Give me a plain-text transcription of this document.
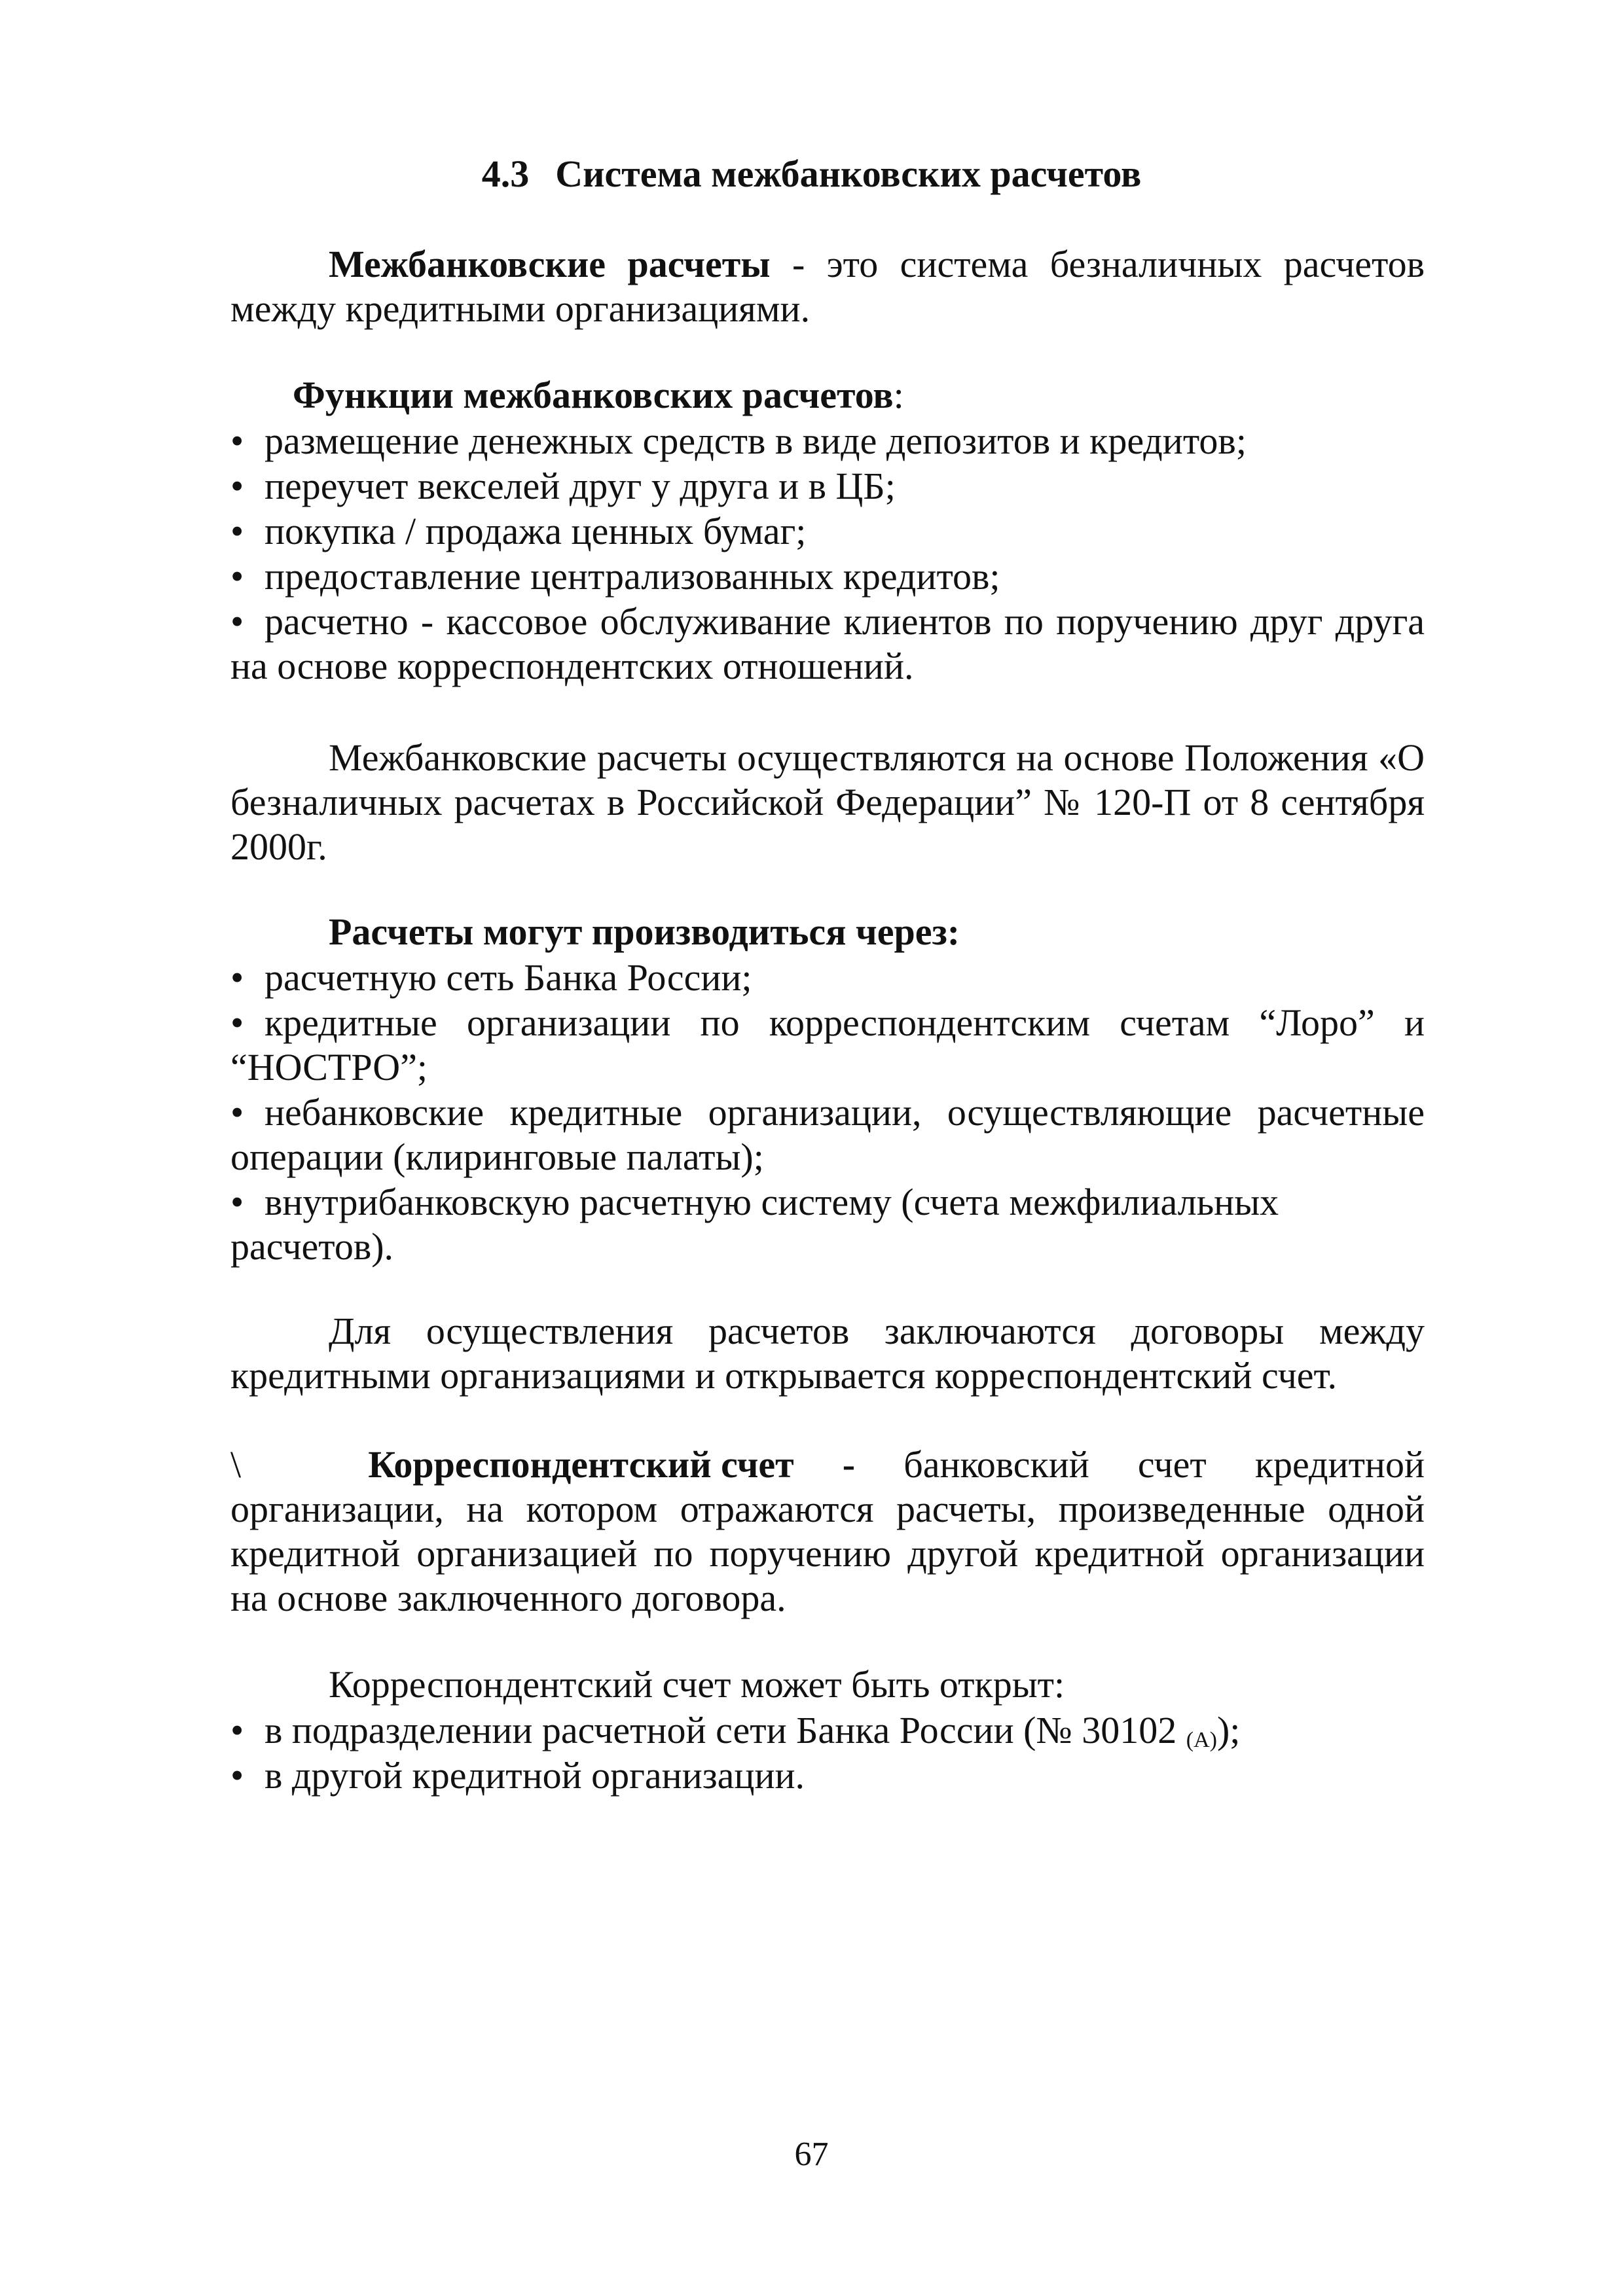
4.3 Система межбанковских расчетов
Межбанковские расчеты - это система безналичных расчетов между кредитными организациями.
Функции межбанковских расчетов:
• размещение денежных средств в виде депозитов и кредитов;
• переучет векселей друг у друга и в ЦБ;
• покупка / продажа ценных бумаг;
• предоставление централизованных кредитов;
• расчетно - кассовое обслуживание клиентов по поручению друг друга на основе корреспондентских отношений.
Межбанковские расчеты осуществляются на основе Положения «О безналичных расчетах в Российской Федерации” № 120-П от 8 сентября 2000г.
Расчеты могут производиться через:
• расчетную сеть Банка России;
• кредитные организации по корреспондентским счетам “Лоро” и “НОСТРО”;
• небанковские кредитные организации, осуществляющие расчетные операции (клиринговые палаты);
• внутрибанковскую расчетную систему (счета межфилиальных расчетов).
Для осуществления расчетов заключаются договоры между кредитными организациями и открывается корреспондентский счет.
\	Корреспондентский счет - банковский счет кредитной
организации, на котором отражаются расчеты, произведенные одной кредитной организацией по поручению другой кредитной организации на основе заключенного договора.
Корреспондентский счет может быть открыт:
• в подразделении расчетной сети Банка России (№ 30102 $_{(А)}$);
• в другой кредитной организации.
67
